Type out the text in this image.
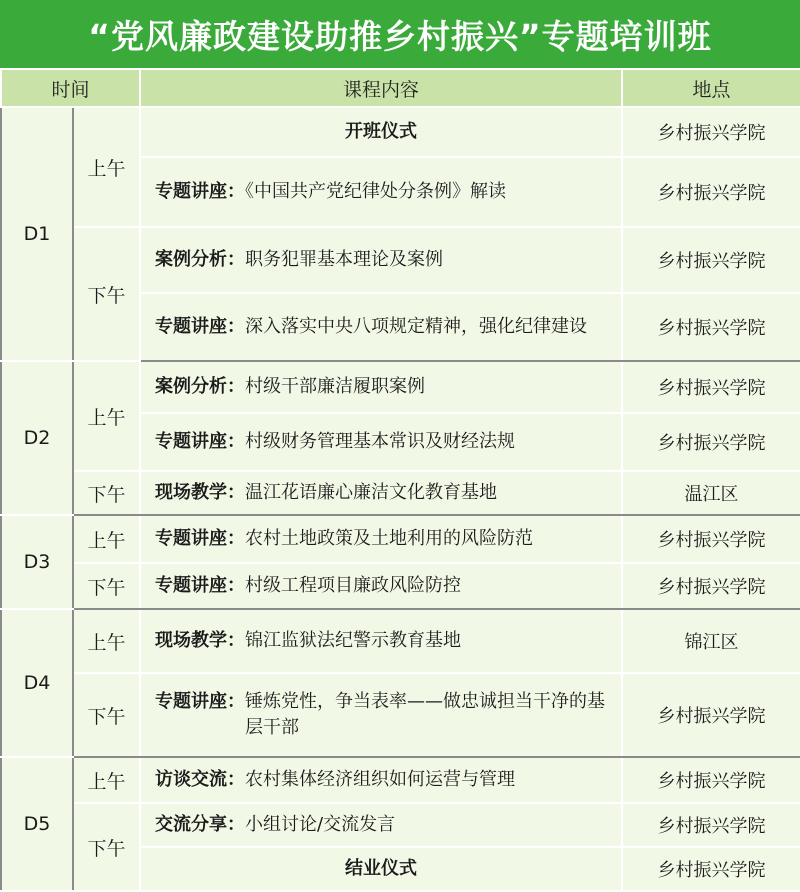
“党风廉政建设助推乡村振兴”专题培训班
时间		课程内容	地点
D1	上午	开班仪式	乡村振兴学院
		专题讲座：《中国共产党纪律处分条例》解读	乡村振兴学院
	下午	案例分析：职务犯罪基本理论及案例	乡村振兴学院

		专题讲座： 深入落实中央八项规定精神，强化纪律建设	乡村振兴学院
D2	上午	案例分析：村级干部廉洁履职案例	乡村振兴学院
		专题讲座：村级财务管理基本常识及财经法规	乡村振兴学院
	下午	现场教学：温江花语廉心廉洁文化教育基地	温江区
D3	上午	专题讲座：农村土地政策及土地利用的风险防范	乡村振兴学院
	下午	专题讲座：村级工程项目廉政风险防控	乡村振兴学院
D4	上午	现场教学：锦江监狱法纪警示教育基地	锦江区
	下午	专题讲座： 锤炼党性，争当表率——做忠诚担当干净的基层干部	乡村振兴学院
D5	上午	访谈交流：农村集体经济组织如何运营与管理	乡村振兴学院
	下午	交流分享：小组讨论/交流发言	乡村振兴学院
		结业仪式	乡村振兴学院
